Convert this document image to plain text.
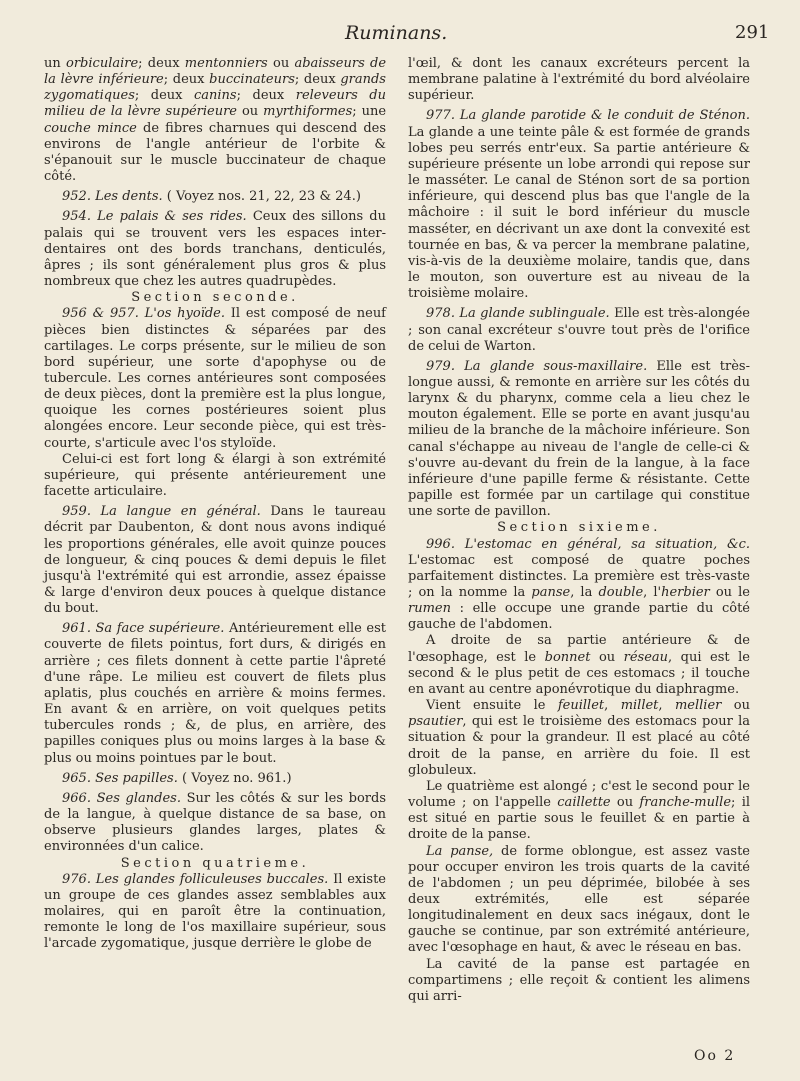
Ruminans.	291

un orbiculaire; deux mentonniers ou abaisseurs de la lèvre inférieure; deux buccinateurs; deux grands zygomatiques; deux canins; deux releveurs du milieu de la lèvre supérieure ou myrthiformes; une couche mince de fibres charnues qui descend des environs de l'angle antérieur de l'orbite & s'épanouit sur le muscle buccinateur de chaque côté.

952. Les dents. ( Voyez nos. 21, 22, 23 & 24.)

954. Le palais & ses rides. Ceux des sillons du palais qui se trouvent vers les espaces inter-dentaires ont des bords tranchans, denticulés, âpres ; ils sont généralement plus gros & plus nombreux que chez les autres quadrupèdes.

Section seconde.

956 & 957. L'os hyoïde. Il est composé de neuf pièces bien distinctes & séparées par des cartilages. Le corps présente, sur le milieu de son bord supérieur, une sorte d'apophyse ou de tubercule. Les cornes antérieures sont composées de deux pièces, dont la première est la plus longue, quoique les cornes postérieures soient plus alongées encore. Leur seconde pièce, qui est très-courte, s'articule avec l'os styloïde.

Celui-ci est fort long & élargi à son extrémité supérieure, qui présente antérieurement une facette articulaire.

959. La langue en général. Dans le taureau décrit par Daubenton, & dont nous avons indiqué les proportions générales, elle avoit quinze pouces de longueur, & cinq pouces & demi depuis le filet jusqu'à l'extrémité qui est arrondie, assez épaisse & large d'environ deux pouces à quelque distance du bout.

961. Sa face supérieure. Antérieurement elle est couverte de filets pointus, fort durs, & dirigés en arrière ; ces filets donnent à cette partie l'âpreté d'une râpe. Le milieu est couvert de filets plus aplatis, plus couchés en arrière & moins fermes. En avant & en arrière, on voit quelques petits tubercules ronds ; &, de plus, en arrière, des papilles coniques plus ou moins larges à la base & plus ou moins pointues par le bout.

965. Ses papilles. ( Voyez no. 961.)

966. Ses glandes. Sur les côtés & sur les bords de la langue, à quelque distance de sa base, on observe plusieurs glandes larges, plates & environnées d'un calice.

Section quatrieme.

976. Les glandes folliculeuses buccales. Il existe un groupe de ces glandes assez semblables aux molaires, qui en paroît être la continuation, remonte le long de l'os maxillaire supérieur, sous l'arcade zygomatique, jusque derrière le globe de

l'œil, & dont les canaux excréteurs percent la membrane palatine à l'extrémité du bord alvéolaire supérieur.

977. La glande parotide & le conduit de Sténon. La glande a une teinte pâle & est formée de grands lobes peu serrés entr'eux. Sa partie antérieure & supérieure présente un lobe arrondi qui repose sur le masséter. Le canal de Sténon sort de sa portion inférieure, qui descend plus bas que l'angle de la mâchoire : il suit le bord inférieur du muscle masséter, en décrivant un axe dont la convexité est tournée en bas, & va percer la membrane palatine, vis-à-vis de la deuxième molaire, tandis que, dans le mouton, son ouverture est au niveau de la troisième molaire.

978. La glande sublinguale. Elle est très-alongée ; son canal excréteur s'ouvre tout près de l'orifice de celui de Warton.

979. La glande sous-maxillaire. Elle est très-longue aussi, & remonte en arrière sur les côtés du larynx & du pharynx, comme cela a lieu chez le mouton également. Elle se porte en avant jusqu'au milieu de la branche de la mâchoire inférieure. Son canal s'échappe au niveau de l'angle de celle-ci & s'ouvre au-devant du frein de la langue, à la face inférieure d'une papille ferme & résistante. Cette papille est formée par un cartilage qui constitue une sorte de pavillon.

Section sixieme.

996. L'estomac en général, sa situation, &c. L'estomac est composé de quatre poches parfaitement distinctes. La première est très-vaste ; on la nomme la panse, la double, l'herbier ou le rumen : elle occupe une grande partie du côté gauche de l'abdomen.

A droite de sa partie antérieure & de l'œsophage, est le bonnet ou réseau, qui est le second & le plus petit de ces estomacs ; il touche en avant au centre aponévrotique du diaphragme.

Vient ensuite le feuillet, millet, mellier ou psautier, qui est le troisième des estomacs pour la situation & pour la grandeur. Il est placé au côté droit de la panse, en arrière du foie. Il est globuleux.

Le quatrième est alongé ; c'est le second pour le volume ; on l'appelle caillette ou franche-mulle; il est situé en partie sous le feuillet & en partie à droite de la panse.

La panse, de forme oblongue, est assez vaste pour occuper environ les trois quarts de la cavité de l'abdomen ; un peu déprimée, bilobée à ses deux extrémités, elle est séparée longitudinalement en deux sacs inégaux, dont le gauche se continue, par son extrémité antérieure, avec l'œsophage en haut, & avec le réseau en bas.

La cavité de la panse est partagée en compartimens ; elle reçoit & contient les alimens qui arri-

Oo 2
